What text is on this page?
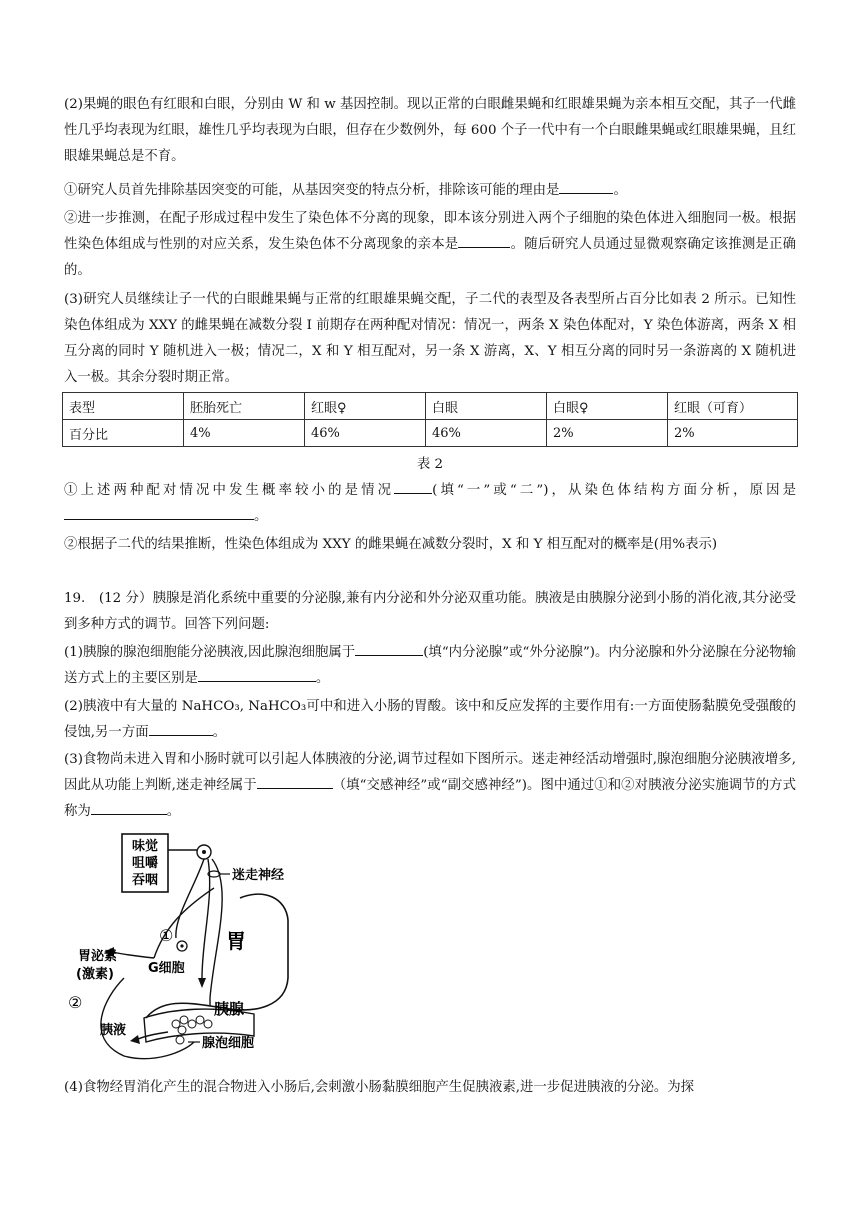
(2)果蝇的眼色有红眼和白眼，分别由 W 和 w 基因控制。现以正常的白眼雌果蝇和红眼雄果蝇为亲本相互交配，其子一代雌性几乎均表现为红眼，雄性几乎均表现为白眼，但存在少数例外，每 600 个子一代中有一个白眼雌果蝇或红眼雄果蝇，且红眼雄果蝇总是不育。
①研究人员首先排除基因突变的可能，从基因突变的特点分析，排除该可能的理由是	。
②进一步推测，在配子形成过程中发生了染色体不分离的现象，即本该分别进入两个子细胞的染色体进入细胞同一极。根据性染色体组成与性别的对应关系，发生染色体不分离现象的亲本是	。随后研究人员通过显微观察确定该推测是正确的。
(3)研究人员继续让子一代的白眼雌果蝇与正常的红眼雄果蝇交配，子二代的表型及各表型所占百分比如表 2 所示。已知性染色体组成为 XXY 的雌果蝇在减数分裂 I 前期存在两种配对情况：情况一，两条 X 染色体配对，Y 染色体游离，两条 X 相互分离的同时 Y 随机进入一极；情况二，X 和 Y 相互配对，另一条 X 游离，X、Y 相互分离的同时另一条游离的 X 随机进入一极。其余分裂时期正常。
表型	胚胎死亡	红眼♀	白眼	白眼♀	红眼（可育）
百分比	4%	46%	46%	2%	2%
表 2
①上述两种配对情况中发生概率较小的是情况	(填“一”或“二”)，从染色体结构方面分析，原因是。
②根据子二代的结果推断，性染色体组成为 XXY 的雌果蝇在减数分裂时，X 和 Y 相互配对的概率是(用%表示)
19.　(12 分）胰腺是消化系统中重要的分泌腺,兼有内分泌和外分泌双重功能。胰液是由胰腺分泌到小肠的消化液,其分泌受到多种方式的调节。回答下列问题:
(1)胰腺的腺泡细胞能分泌胰液,因此腺泡细胞属于	(填“内分泌腺”或“外分泌腺”)。内分泌腺和外分泌腺在分泌物输送方式上的主要区别是	。
(2)胰液中有大量的 NaHCO₃, NaHCO₃可中和进入小肠的胃酸。该中和反应发挥的主要作用有:一方面使肠黏膜免受强酸的侵蚀,另一方面	。
(3)食物尚未进入胃和小肠时就可以引起人体胰液的分泌,调节过程如下图所示。迷走神经活动增强时,腺泡细胞分泌胰液增多,因此从功能上判断,迷走神经属于	（填“交感神经”或“副交感神经”)。图中通过①和②对胰液分泌实施调节的方式称为	。
味觉
咀嚼
吞咽	迷走神经
胃
①
G细胞
胃泌素
(激素)
②	胰腺
胰液
腺泡细胞
(4)食物经胃消化产生的混合物进入小肠后,会刺激小肠黏膜细胞产生促胰液素,进一步促进胰液的分泌。为探
